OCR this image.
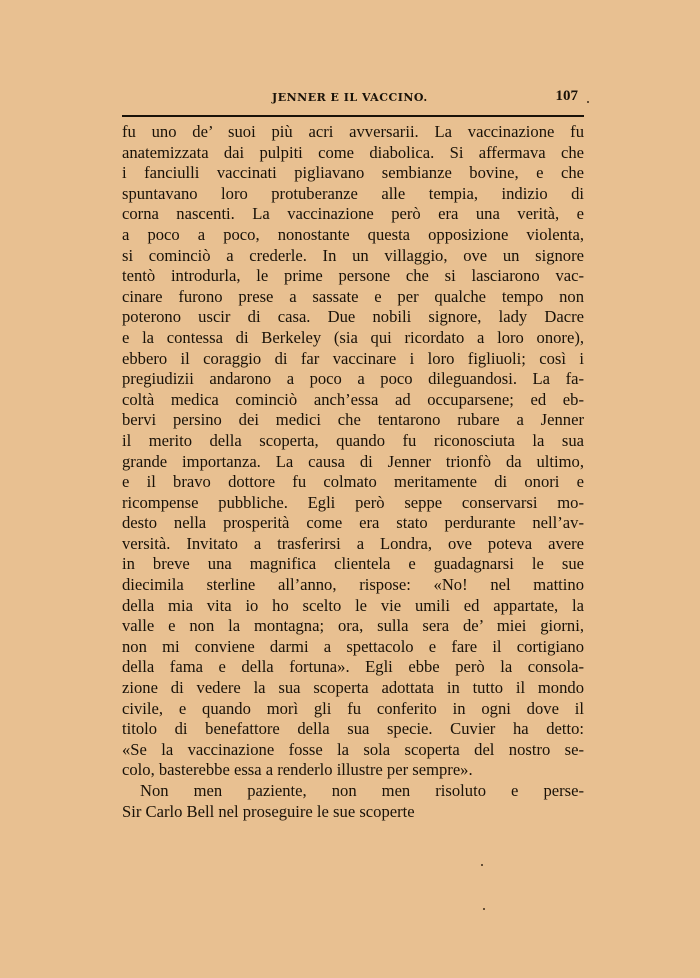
JENNER E IL VACCINO.	107
fu uno de’ suoi più acri avversarii. La vaccinazione fu
anatemizzata dai pulpiti come diabolica. Si affermava che
i fanciulli vaccinati pigliavano sembianze bovine, e che
spuntavano loro protuberanze alle tempia, indizio di
corna nascenti. La vaccinazione però era una verità, e
a poco a poco, nonostante questa opposizione violenta,
si cominciò a crederle. In un villaggio, ove un signore
tentò introdurla, le prime persone che si lasciarono vac-
cinare furono prese a sassate e per qualche tempo non
poterono uscir di casa. Due nobili signore, lady Dacre
e la contessa di Berkeley (sia qui ricordato a loro onore),
ebbero il coraggio di far vaccinare i loro figliuoli; così i
pregiudizii andarono a poco a poco dileguandosi. La fa-
coltà medica cominciò anch’essa ad occuparsene; ed eb-
bervi persino dei medici che tentarono rubare a Jenner
il merito della scoperta, quando fu riconosciuta la sua
grande importanza. La causa di Jenner trionfò da ultimo,
e il bravo dottore fu colmato meritamente di onori e
ricompense pubbliche. Egli però seppe conservarsi mo-
desto nella prosperità come era stato perdurante nell’av-
versità. Invitato a trasferirsi a Londra, ove poteva avere
in breve una magnifica clientela e guadagnarsi le sue
diecimila sterline all’anno, rispose: «No! nel mattino
della mia vita io ho scelto le vie umili ed appartate, la
valle e non la montagna; ora, sulla sera de’ miei giorni,
non mi conviene darmi a spettacolo e fare il cortigiano
della fama e della fortuna». Egli ebbe però la consola-
zione di vedere la sua scoperta adottata in tutto il mondo
civile, e quando morì gli fu conferito in ogni dove il
titolo di benefattore della sua specie. Cuvier ha detto:
«Se la vaccinazione fosse la sola scoperta del nostro se-
colo, basterebbe essa a renderlo illustre per sempre».
Non men paziente, non men risoluto e perse-
Sir Carlo Bell nel proseguire le sue scoperte
